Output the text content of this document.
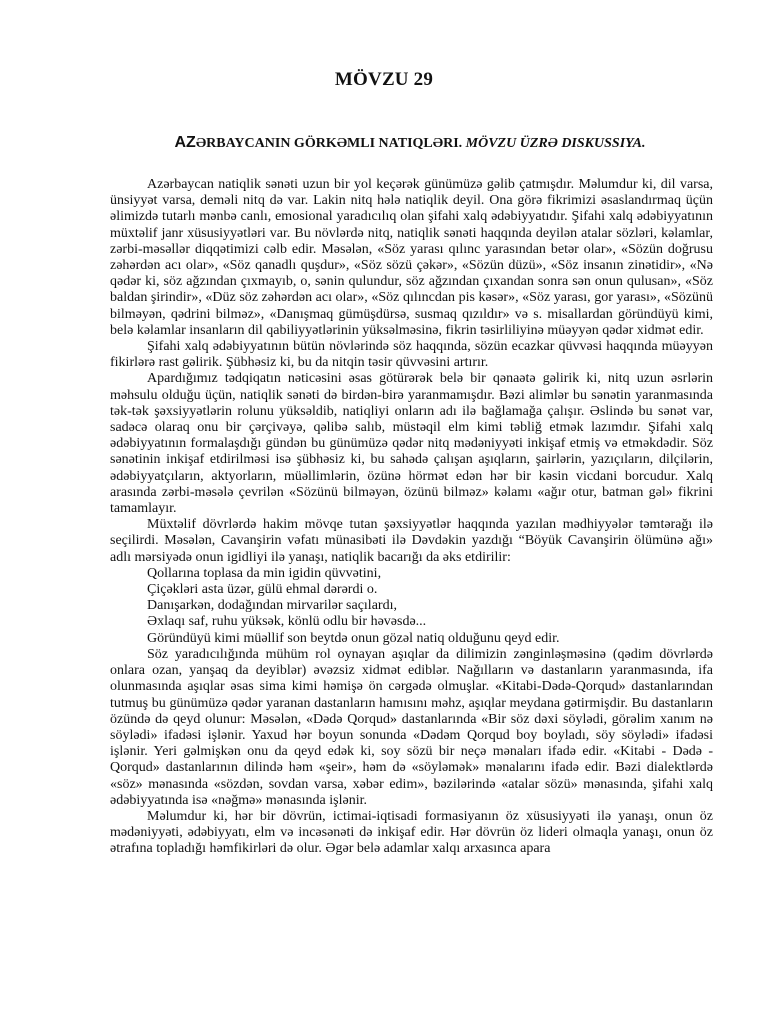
MÖVZU 29
AZƏRBAYCANIN GÖRKƏMLI NATIQLƏRI. MÖVZU ÜZRƏ DISKUSSIYA.

Azərbaycan natiqlik sənəti uzun bir yol keçərək günümüzə gəlib çatmışdır. Məlumdur ki, dil varsa, ünsiyyət varsa, deməli nitq də var. Lakin nitq hələ natiqlik deyil. Ona görə fikrimizi əsaslandırmaq üçün əlimizdə tutarlı mənbə canlı, emosional yaradıcılıq olan şifahi xalq ədəbiyyatıdır. Şifahi xalq ədəbiyyatının müxtəlif janr xüsusiyyətləri var. Bu növlərdə nitq, natiqlik sənəti haqqında deyilən atalar sözləri, kəlamlar, zərbi-məsəllər diqqətimizi cəlb edir. Məsələn, «Söz yarası qılınc yarasından betər olar», «Sözün doğrusu zəhərdən acı olar», «Söz qanadlı quşdur», «Söz sözü çəkər», «Sözün düzü», «Söz insanın zinətidir», «Nə qədər ki, söz ağzından çıxmayıb, o, sənin qulundur, söz ağzından çıxandan sonra sən onun qulusan», «Söz baldan şirindir», «Düz söz zəhərdən acı olar», «Söz qılıncdan pis kəsər», «Söz yarası, gor yarası», «Sözünü bilməyən, qədrini bilməz», «Danışmaq gümüşdürsə, susmaq qızıldır» və s. misallardan göründüyü kimi, belə kəlamlar insanların dil qabiliyyətlərinin yüksəlməsinə, fikrin təsirliliyinə müəyyən qədər xidmət edir.

Şifahi xalq ədəbiyyatının bütün növlərində söz haqqında, sözün ecazkar qüvvəsi haqqında müəyyən fikirlərə rast gəlirik. Şübhəsiz ki, bu da nitqin təsir qüvvəsini artırır.

Apardığımız tədqiqatın nəticəsini əsas götürərək belə bir qənaətə gəlirik ki, nitq uzun əsrlərin məhsulu olduğu üçün, natiqlik sənəti də birdən-birə yaranmamışdır. Bəzi alimlər bu sənətin yaranmasında tək-tək şəxsiyyətlərin rolunu yüksəldib, natiqliyi onların adı ilə bağlamağa çalışır. Əslində bu sənət var, sadəcə olaraq onu bir çərçivəyə, qəlibə salıb, müstəqil elm kimi təbliğ etmək lazımdır. Şifahi xalq ədəbiyyatının formalaşdığı gündən bu günümüzə qədər nitq mədəniyyəti inkişaf etmiş və etməkdədir. Söz sənətinin inkişaf etdirilməsi isə şübhəsiz ki, bu sahədə çalışan aşıqların, şairlərin, yazıçıların, dilçilərin, ədəbiyyatçıların, aktyorların, müəllimlərin, özünə hörmət edən hər bir kəsin vicdani borcudur. Xalq arasında zərbi-məsələ çevrilən «Sözünü bilməyən, özünü bilməz» kəlamı «ağır otur, batman gəl» fikrini tamamlayır.

Müxtəlif dövrlərdə hakim mövqe tutan şəxsiyyətlər haqqında yazılan mədhiyyələr təmtərağı ilə seçilirdi. Məsələn, Cavanşirin vəfatı münasibəti ilə Dəvdəkin yazdığı “Böyük Cavanşirin ölümünə ağı» adlı mərsiyədə onun igidliyi ilə yanaşı, natiqlik bacarığı da əks etdirilir:

Qollarına toplasa da min igidin qüvvətini,
Çiçəkləri asta üzər, gülü ehmal dərərdi o.
Danışarkən, dodağından mirvarilər saçılardı,
Əxlaqı saf, ruhu yüksək, könlü odlu bir həvəsdə...

Göründüyü kimi müəllif son beytdə onun gözəl natiq olduğunu qeyd edir.

Söz yaradıcılığında mühüm rol oynayan aşıqlar da dilimizin zənginləşməsinə (qədim dövrlərdə onlara ozan, yanşaq da deyiblər) əvəzsiz xidmət ediblər. Nağılların və dastanların yaranmasında, ifa olunmasında aşıqlar əsas sima kimi həmişə ön cərgədə olmuşlar. «Kitabi-Dədə-Qorqud» dastanlarından tutmuş bu günümüzə qədər yaranan dastanların hamısını məhz, aşıqlar meydana gətirmişdir. Bu dastanların özündə də qeyd olunur: Məsələn, «Dədə Qorqud» dastanlarında «Bir söz dəxi söylədi, görəlim xanım nə söylədi» ifadəsi işlənir. Yaxud hər boyun sonunda «Dədəm Qorqud boy boyladı, söy söylədi» ifadəsi işlənir. Yeri gəlmişkən onu da qeyd edək ki, soy sözü bir neçə mənaları ifadə edir. «Kitabi - Dədə - Qorqud» dastanlarının dilində həm «şeir», həm də «söyləmək» mənalarını ifadə edir. Bəzi dialektlərdə «söz» mənasında «sözdən, sovdan varsa, xəbər edim», bəzilərində «atalar sözü» mənasında, şifahi xalq ədəbiyyatında isə «nəğmə» mənasında işlənir.

Məlumdur ki, hər bir dövrün, ictimai-iqtisadi formasiyanın öz xüsusiyyəti ilə yanaşı, onun öz mədəniyyəti, ədəbiyyatı, elm və incəsənəti də inkişaf edir. Hər dövrün öz lideri olmaqla yanaşı, onun öz ətrafına topladığı həmfikirləri də olur. Əgər belə adamlar xalqı arxasınca apara
